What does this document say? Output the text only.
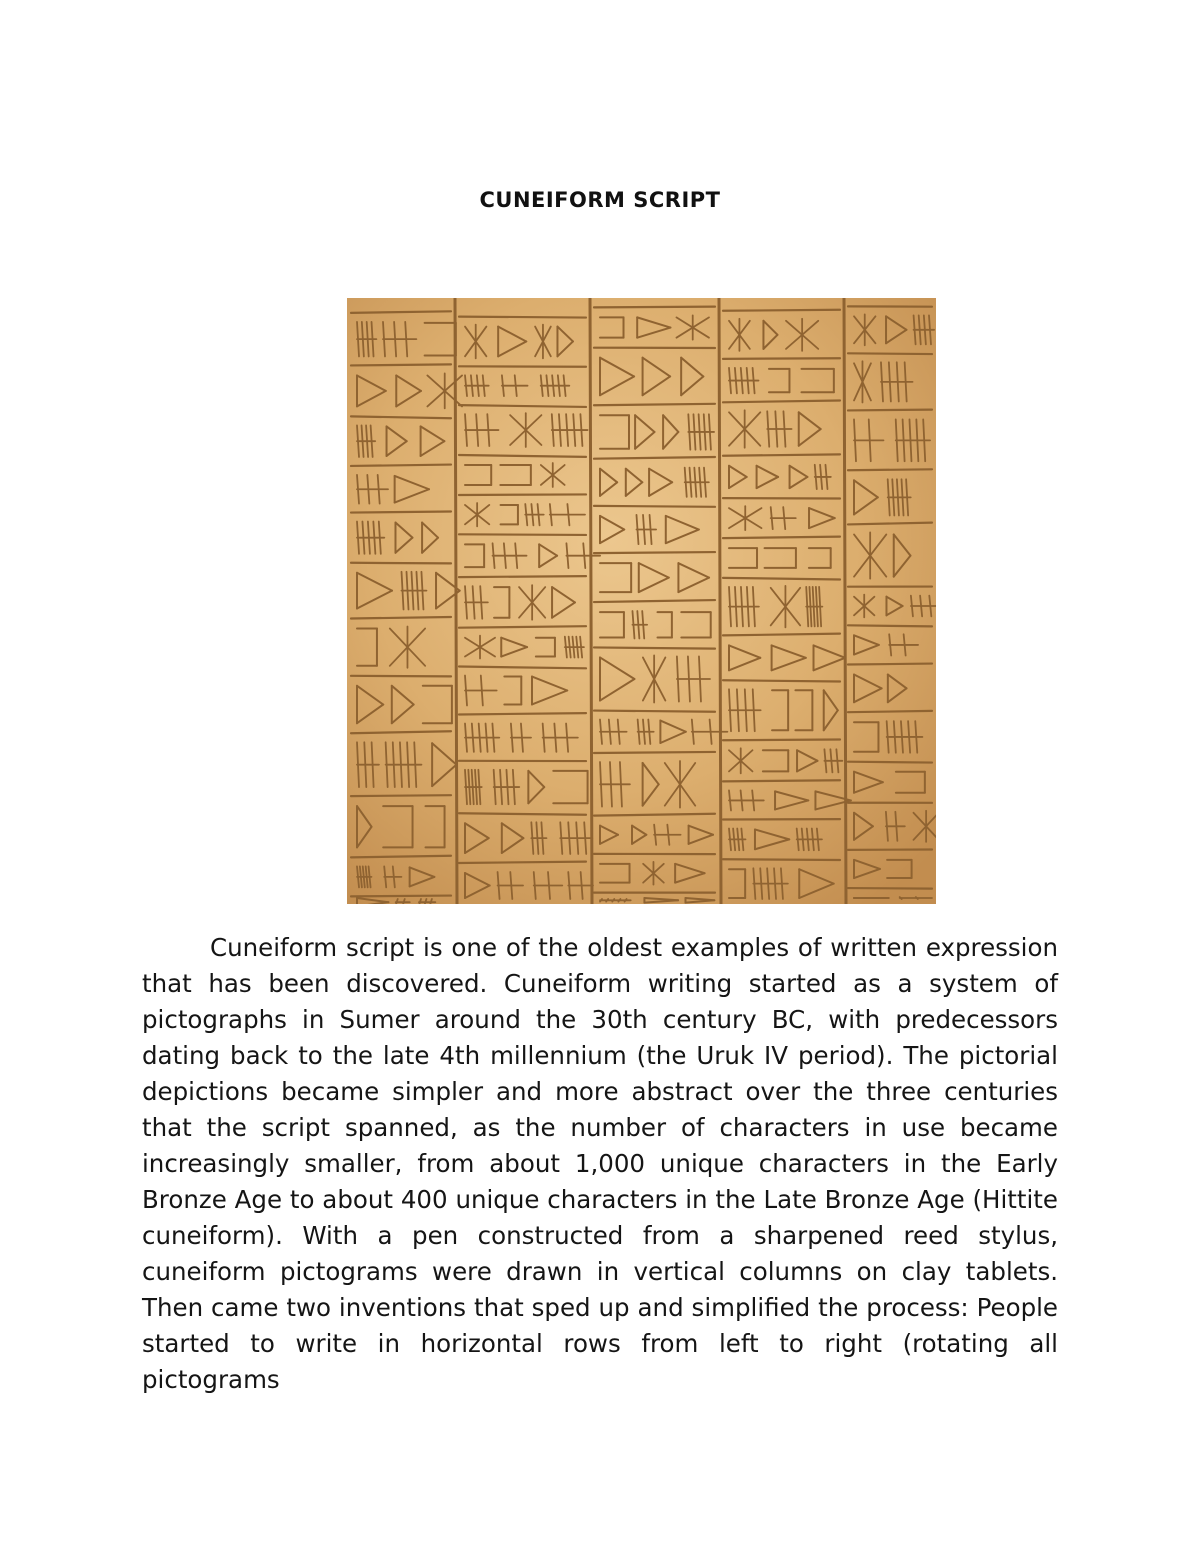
CUNEIFORM SCRIPT

Cuneiform script is one of the oldest examples of written expression that has been discovered. Cuneiform writing started as a system of pictographs in Sumer around the 30th century BC, with predecessors dating back to the late 4th millennium (the Uruk IV period). The pictorial depictions became simpler and more abstract over the three centuries that the script spanned, as the number of characters in use became increasingly smaller, from about 1,000 unique characters in the Early Bronze Age to about 400 unique characters in the Late Bronze Age (Hittite cuneiform). With a pen constructed from a sharpened reed stylus, cuneiform pictograms were drawn in vertical columns on clay tablets. Then came two inventions that sped up and simplified the process: People started to write in horizontal rows from left to right (rotating all pictograms
